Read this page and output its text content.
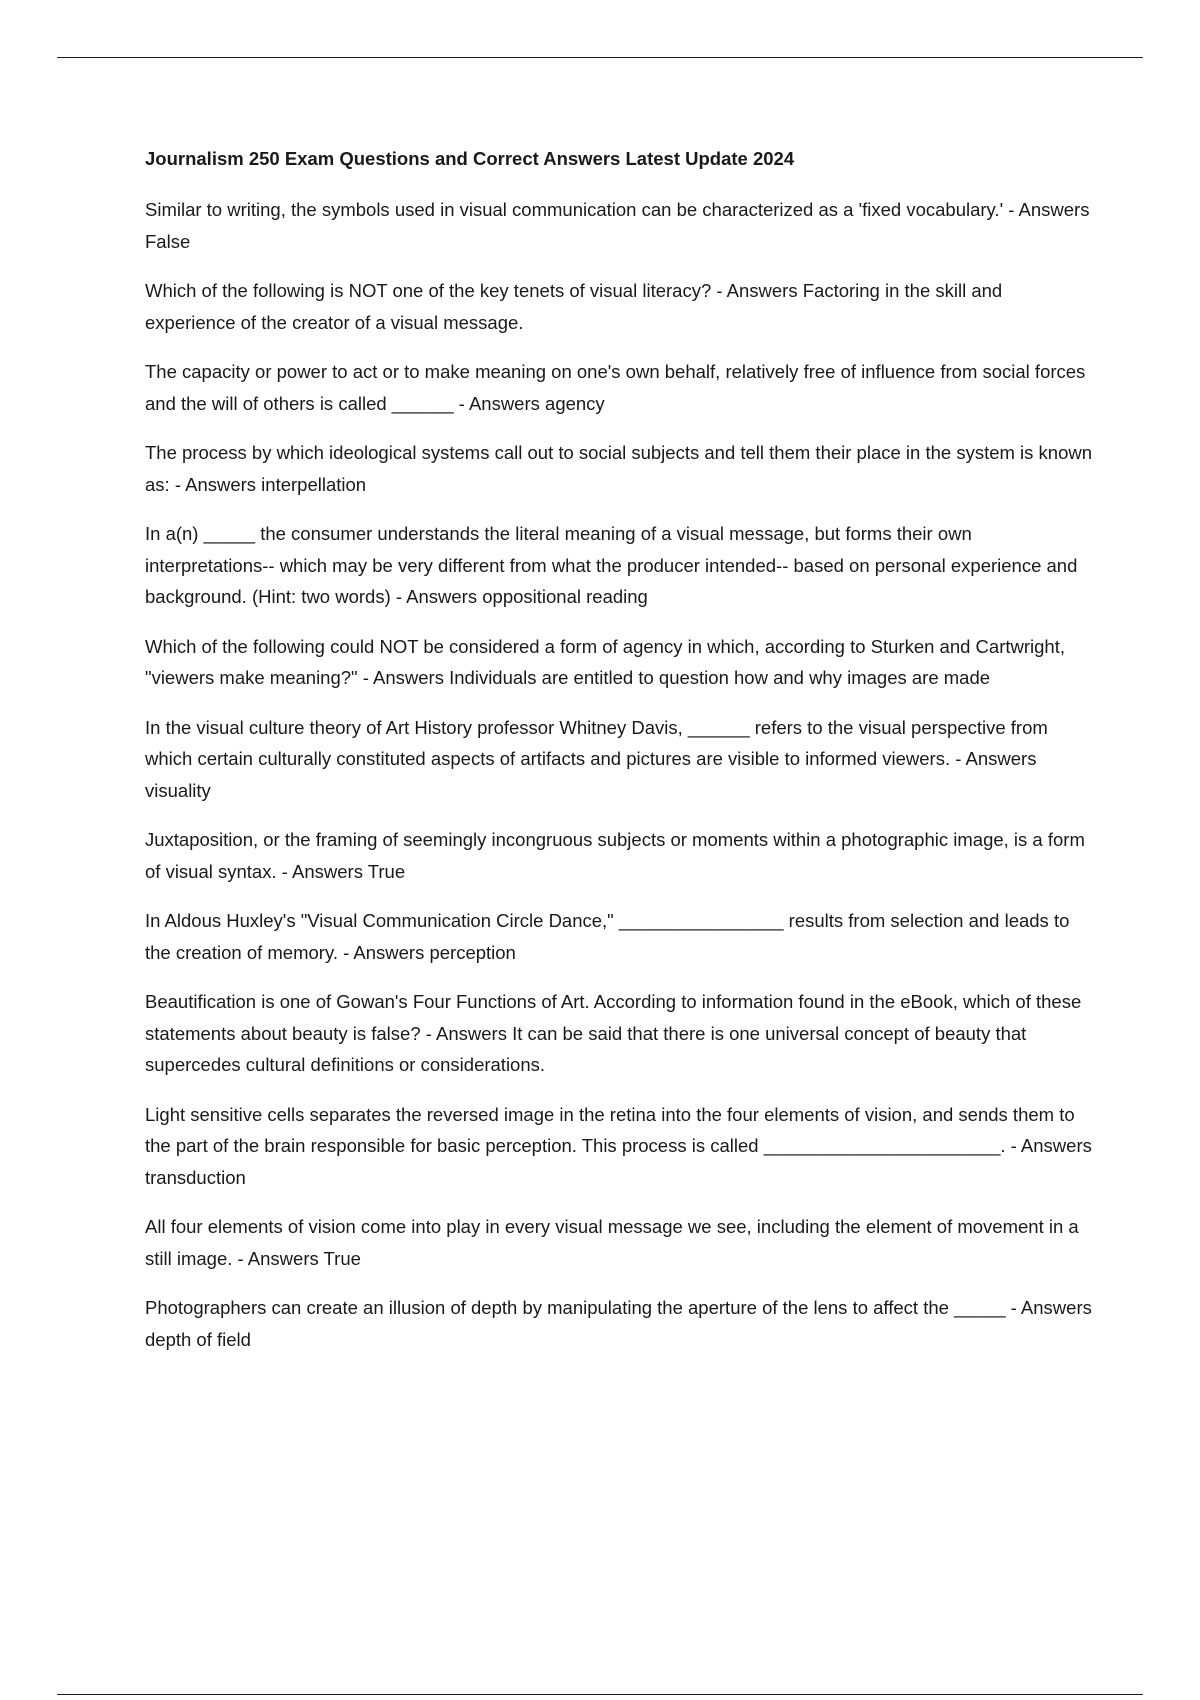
Journalism 250 Exam Questions and Correct Answers Latest Update 2024

Similar to writing, the symbols used in visual communication can be characterized as a 'fixed vocabulary.' - Answers False

Which of the following is NOT one of the key tenets of visual literacy? - Answers Factoring in the skill and experience of the creator of a visual message.

The capacity or power to act or to make meaning on one's own behalf, relatively free of influence from social forces and the will of others is called ______ - Answers agency

The process by which ideological systems call out to social subjects and tell them their place in the system is known as: - Answers interpellation

In a(n) _____ the consumer understands the literal meaning of a visual message, but forms their own interpretations-- which may be very different from what the producer intended-- based on personal experience and background. (Hint: two words) - Answers oppositional reading

Which of the following could NOT be considered a form of agency in which, according to Sturken and Cartwright, "viewers make meaning?" - Answers Individuals are entitled to question how and why images are made

In the visual culture theory of Art History professor Whitney Davis, ______ refers to the visual perspective from which certain culturally constituted aspects of artifacts and pictures are visible to informed viewers. - Answers visuality

Juxtaposition, or the framing of seemingly incongruous subjects or moments within a photographic image, is a form of visual syntax. - Answers True

In Aldous Huxley's "Visual Communication Circle Dance," ________________ results from selection and leads to the creation of memory. - Answers perception

Beautification is one of Gowan's Four Functions of Art. According to information found in the eBook, which of these statements about beauty is false? - Answers It can be said that there is one universal concept of beauty that supercedes cultural definitions or considerations.

Light sensitive cells separates the reversed image in the retina into the four elements of vision, and sends them to the part of the brain responsible for basic perception. This process is called _______________________. - Answers transduction

All four elements of vision come into play in every visual message we see, including the element of movement in a still image. - Answers True

Photographers can create an illusion of depth by manipulating the aperture of the lens to affect the _____ - Answers depth of field
